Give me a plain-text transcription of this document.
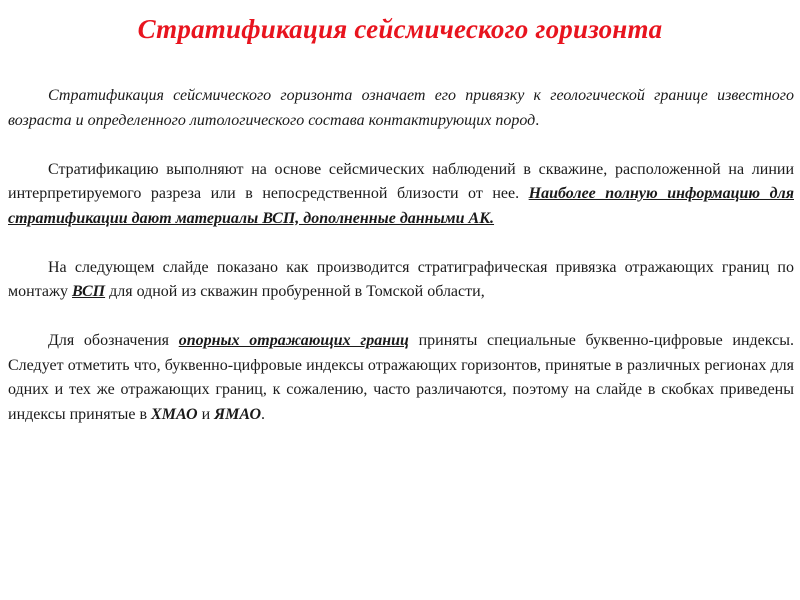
Стратификация сейсмического горизонта

Стратификация сейсмического горизонта означает его привязку к геологической границе известного возраста и определенного литологического состава контактирующих пород.

Стратификацию выполняют на основе сейсмических наблюдений в скважине, расположенной на линии интерпретируемого разреза или в непосредственной близости от нее. Наиболее полную информацию для стратификации дают материалы ВСП, дополненные данными АК.

На следующем слайде показано как производится стратиграфическая привязка отражающих границ по монтажу ВСП для одной из скважин пробуренной в Томской области,

Для обозначения опорных отражающих границ приняты специальные буквенно-цифровые индексы. Следует отметить что, буквенно-цифровые индексы отражающих горизонтов, принятые в различных регионах для одних и тех же отражающих границ, к сожалению, часто различаются, поэтому на слайде в скобках приведены индексы принятые в ХМАО и ЯМАО.
